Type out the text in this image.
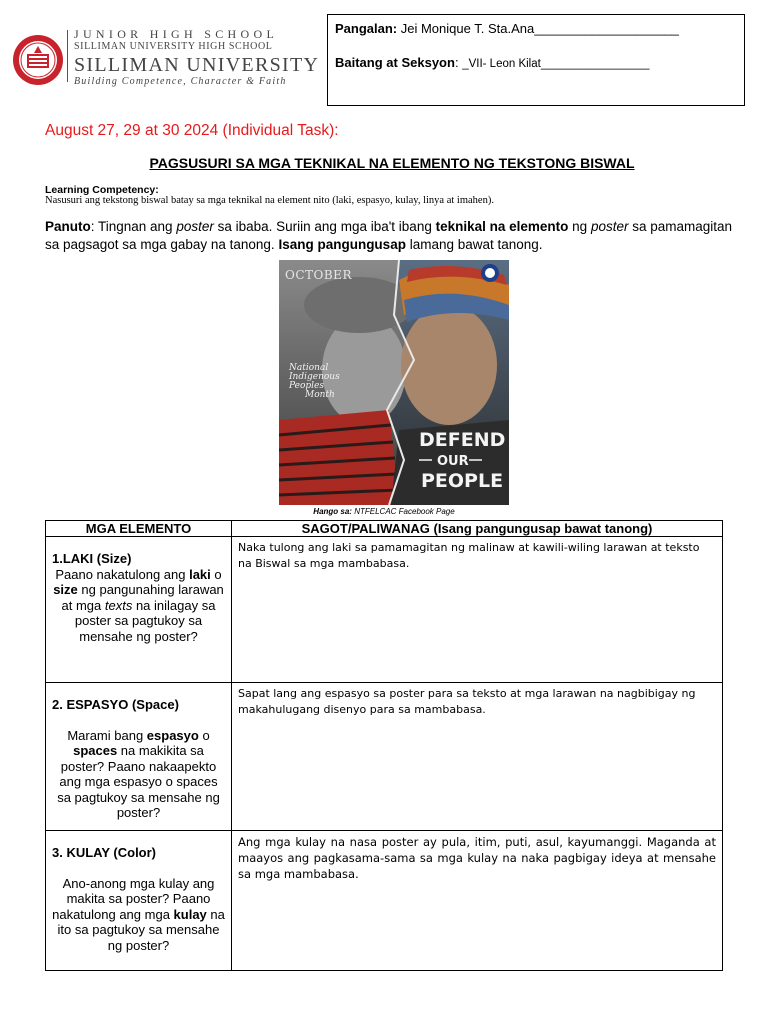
JUNIOR HIGH SCHOOL
SILLIMAN UNIVERSITY HIGH SCHOOL
SILLIMAN UNIVERSITY
Building Competence, Character & Faith
Pangalan: Jei Monique T. Sta.Ana____________________
Baitang at Seksyon: _VII- Leon Kilat_________________
August 27, 29 at 30 2024 (Individual Task):
PAGSUSURI SA MGA TEKNIKAL NA ELEMENTO NG TEKSTONG BISWAL
Learning Competency:
Nasusuri ang tekstong biswal batay sa mga teknikal na element nito (laki, espasyo, kulay, linya at imahen).
Panuto: Tingnan ang poster sa ibaba. Suriin ang mga iba't ibang teknikal na elemento ng poster sa pamamagitan sa pagsagot sa mga gabay na tanong. Isang pangungusap lamang bawat tanong.
OCTOBER
National
Indigenous
Peoples
Month
DEFEND
OUR
PEOPLE
Hango sa: NTFELCAC Facebook Page
MGA ELEMENTO	SAGOT/PALIWANAG (Isang pangungusap bawat tanong)

1.LAKI (Size)
Paano nakatulong ang laki o size ng pangunahing larawan at mga texts na inilagay sa poster sa pagtukoy sa mensahe ng poster?	Naka tulong ang laki sa pamamagitan ng malinaw at kawili-wiling larawan at teksto na Biswal sa mga mambabasa.

2. ESPASYO (Space)
Marami bang espasyo o spaces na makikita sa poster? Paano nakaapekto ang mga espasyo o spaces sa pagtukoy sa mensahe ng poster?	Sapat lang ang espasyo sa poster para sa teksto at mga larawan na nagbibigay ng makahulugang disenyo para sa mambabasa.

3. KULAY (Color)
Ano-anong mga kulay ang makita sa poster? Paano nakatulong ang mga kulay na ito sa pagtukoy sa mensahe ng poster?	Ang mga kulay na nasa poster ay pula, itim, puti, asul, kayumanggi. Maganda at maayos ang pagkasama-sama sa mga kulay na naka pagbigay ideya at mensahe sa mga mambabasa.
